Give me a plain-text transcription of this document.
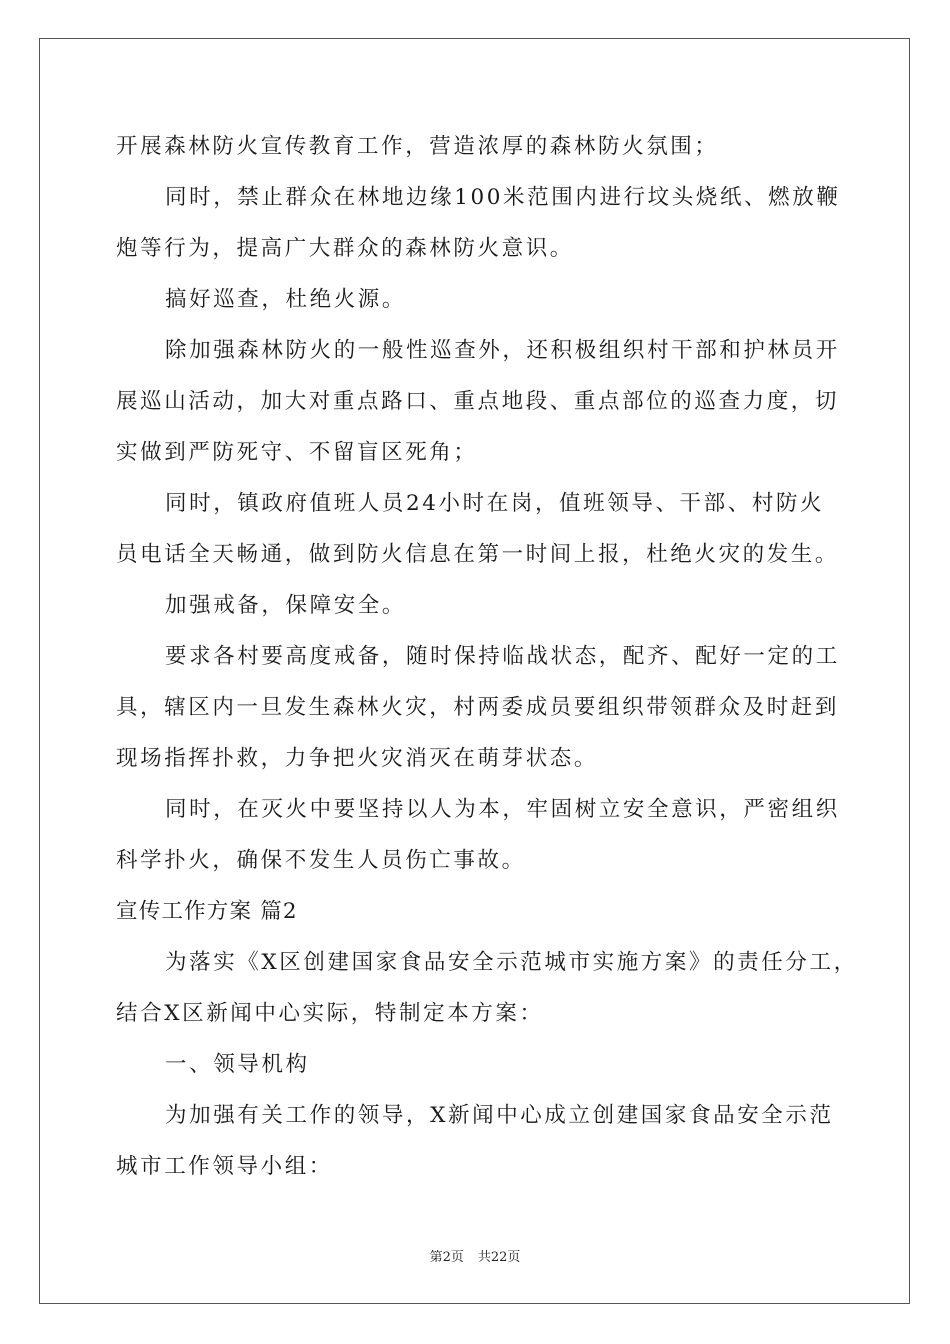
开展森林防火宣传教育工作，营造浓厚的森林防火氛围；
同时，禁止群众在林地边缘100米范围内进行坟头烧纸、燃放鞭
炮等行为，提高广大群众的森林防火意识。
搞好巡查，杜绝火源。
除加强森林防火的一般性巡查外，还积极组织村干部和护林员开
展巡山活动，加大对重点路口、重点地段、重点部位的巡查力度，切
实做到严防死守、不留盲区死角；
同时，镇政府值班人员24小时在岗，值班领导、干部、村防火
员电话全天畅通，做到防火信息在第一时间上报，杜绝火灾的发生。
加强戒备，保障安全。
要求各村要高度戒备，随时保持临战状态，配齐、配好一定的工
具，辖区内一旦发生森林火灾，村两委成员要组织带领群众及时赶到
现场指挥扑救，力争把火灾消灭在萌芽状态。
同时，在灭火中要坚持以人为本，牢固树立安全意识，严密组织
科学扑火，确保不发生人员伤亡事故。
宣传工作方案 篇2
为落实《X区创建国家食品安全示范城市实施方案》的责任分工，
结合X区新闻中心实际，特制定本方案：
一、领导机构
为加强有关工作的领导，X新闻中心成立创建国家食品安全示范
城市工作领导小组：
第2页 共22页
